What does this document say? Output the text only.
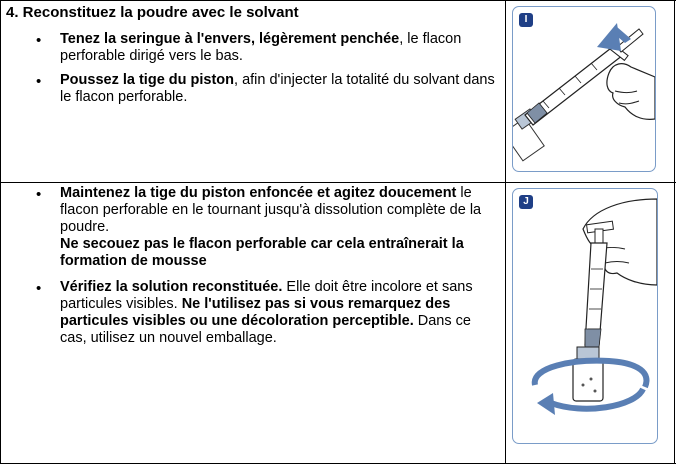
4. Reconstituez la poudre avec le solvant
• Tenez la seringue à l'envers, légèrement penchée, le flacon perforable dirigé vers le bas.
• Poussez la tige du piston, afin d'injecter la totalité du solvant dans le flacon perforable.
I
• Maintenez la tige du piston enfoncée et agitez doucement le flacon perforable en le tournant jusqu'à dissolution complète de la poudre.
Ne secouez pas le flacon perforable car cela entraînerait la formation de mousse
• Vérifiez la solution reconstituée. Elle doit être incolore et sans particules visibles. Ne l'utilisez pas si vous remarquez des particules visibles ou une décoloration perceptible. Dans ce cas, utilisez un nouvel emballage.
J
